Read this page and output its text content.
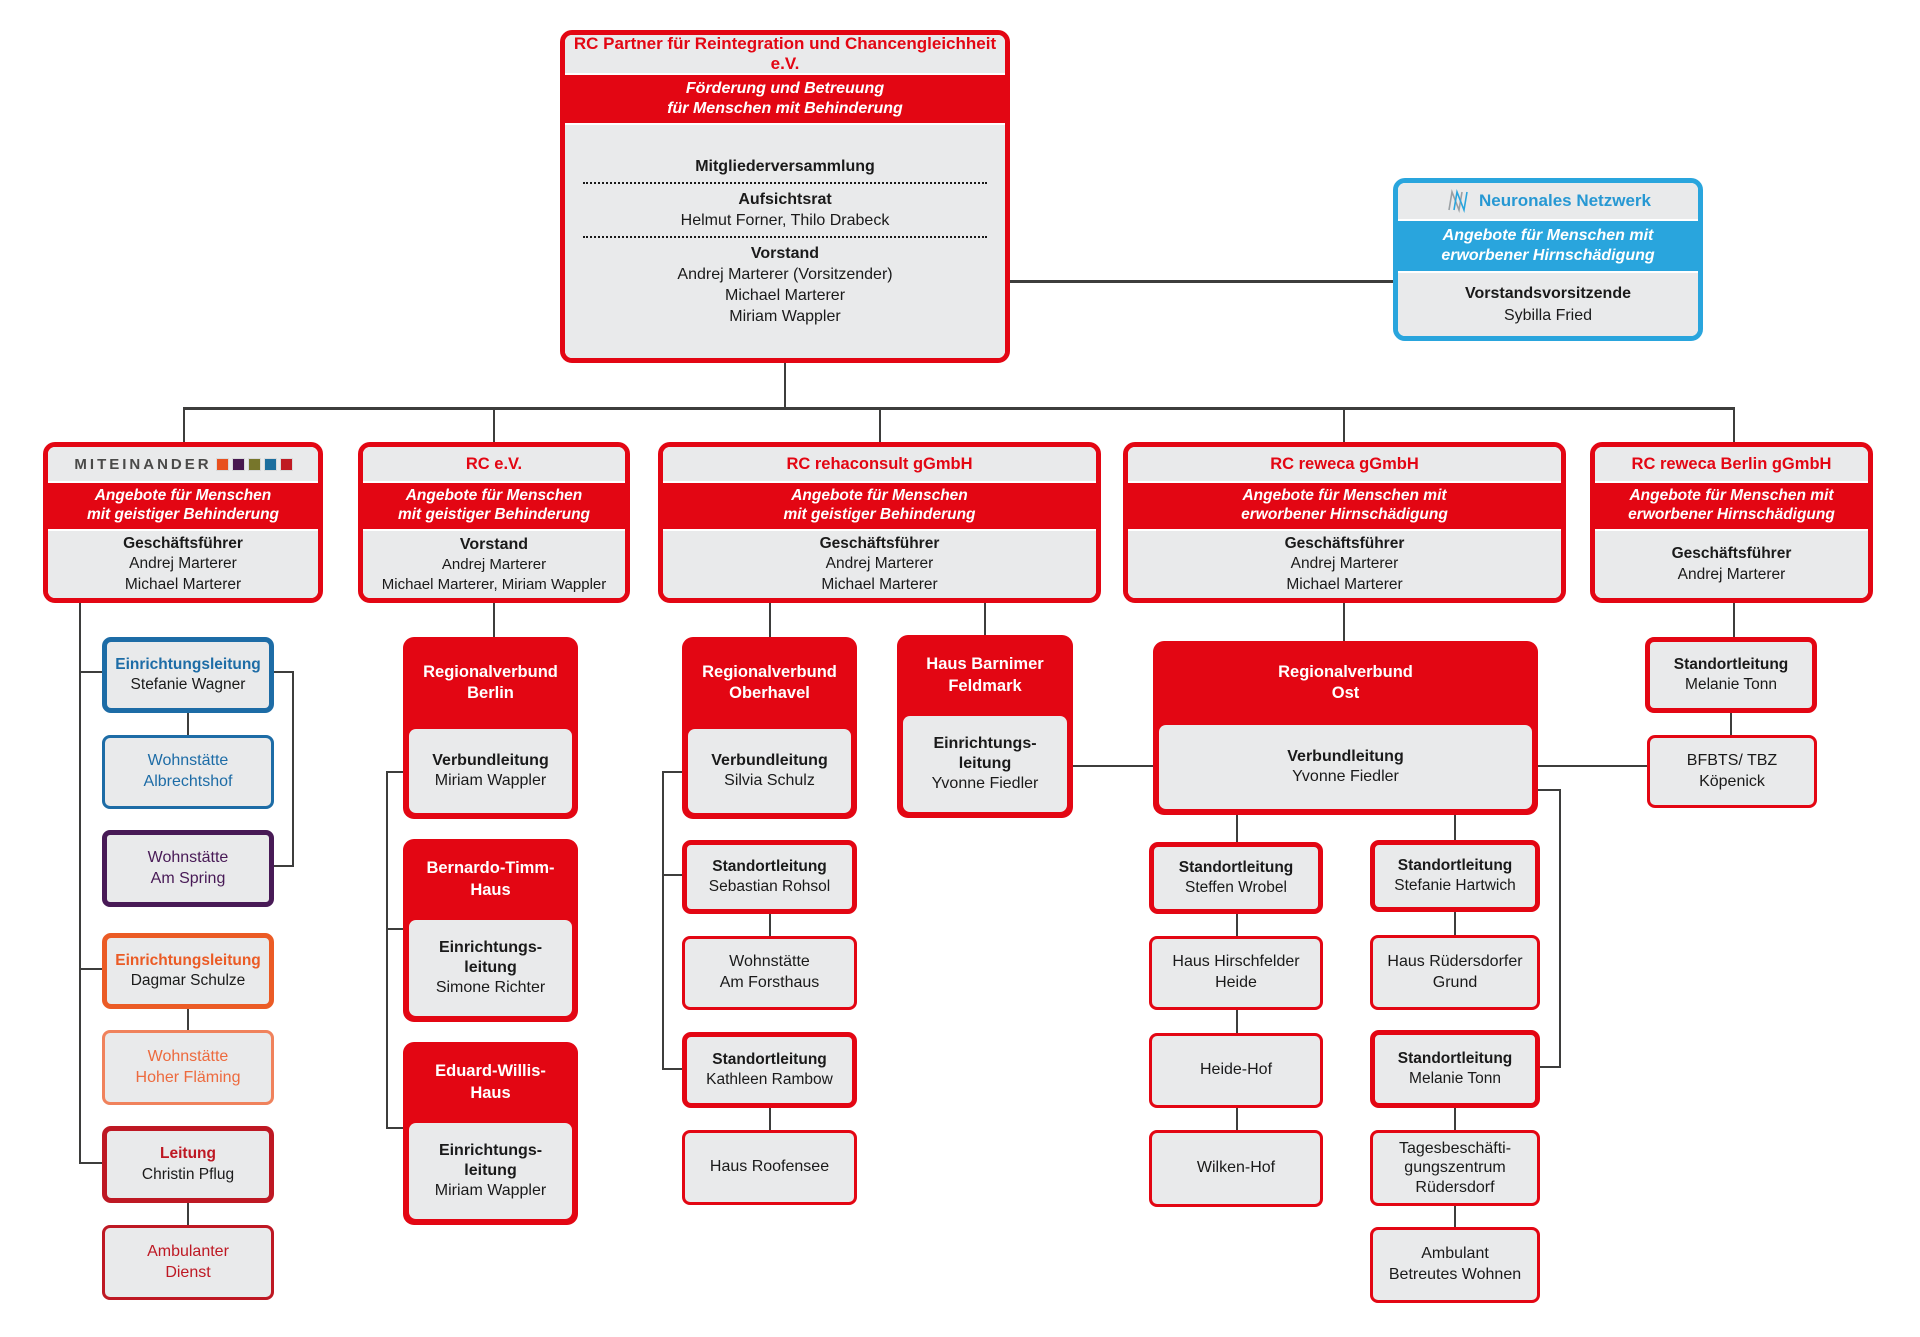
RC Partner für Reintegration und Chancengleichheit e.V.
Förderung und Betreuung
für Menschen mit Behinderung
Mitgliederversammlung
Aufsichtsrat
Helmut Forner, Thilo Drabeck
Vorstand
Andrej Marterer (Vorsitzender)
Michael Marterer
Miriam Wappler
Neuronales Netzwerk
Angebote für Menschen mit
erworbener Hirnschädigung
Vorstandsvorsitzende
Sybilla Fried
MITEINANDER
Angebote für Menschen
mit geistiger Behinderung
Geschäftsführer
Andrej Marterer
Michael Marterer
RC e.V.
Angebote für Menschen
mit geistiger Behinderung
Vorstand
Andrej Marterer
Michael Marterer, Miriam Wappler
RC rehaconsult gGmbH
Angebote für Menschen
mit geistiger Behinderung
Geschäftsführer
Andrej Marterer
Michael Marterer
RC reweca gGmbH
Angebote für Menschen mit
erworbener Hirnschädigung
Geschäftsführer
Andrej Marterer
Michael Marterer
RC reweca Berlin gGmbH
Angebote für Menschen mit
erworbener Hirnschädigung
Geschäftsführer
Andrej Marterer
Einrichtungsleitung
Stefanie Wagner
Wohnstätte
Albrechtshof
Wohnstätte
Am Spring
Einrichtungsleitung
Dagmar Schulze
Wohnstätte
Hoher Fläming
Leitung
Christin Pflug
Ambulanter
Dienst
Regionalverbund
Berlin
Verbundleitung
Miriam Wappler
Bernardo-Timm-
Haus
Einrichtungs-
leitung
Simone Richter
Eduard-Willis-
Haus
Einrichtungs-
leitung
Miriam Wappler
Regionalverbund
Oberhavel
Verbundleitung
Silvia Schulz
Haus Barnimer
Feldmark
Einrichtungs-
leitung
Yvonne Fiedler
Standortleitung
Sebastian Rohsol
Wohnstätte
Am Forsthaus
Standortleitung
Kathleen Rambow
Haus Roofensee
Regionalverbund
Ost
Verbundleitung
Yvonne Fiedler
Standortleitung
Steffen Wrobel
Haus Hirschfelder
Heide
Heide-Hof
Wilken-Hof
Standortleitung
Stefanie Hartwich
Haus Rüdersdorfer
Grund
Standortleitung
Melanie Tonn
Tagesbeschäfti-
gungszentrum
Rüdersdorf
Ambulant
Betreutes Wohnen
Standortleitung
Melanie Tonn
BFBTS/ TBZ
Köpenick
